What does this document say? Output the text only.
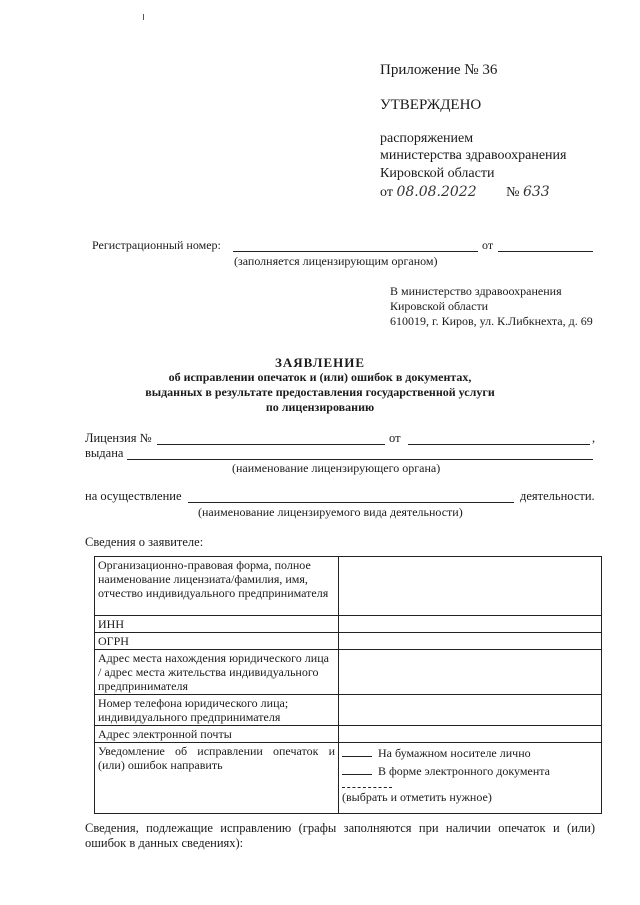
Приложение № 36
УТВЕРЖДЕНО
распоряжением
министерства здравоохранения
Кировской области
от 08.08.2022 № 633
Регистрационный номер:	от
(заполняется лицензирующим органом)
В министерство здравоохранения
Кировской области
610019, г. Киров, ул. К.Либкнехта, д. 69
ЗАЯВЛЕНИЕ
об исправлении опечаток и (или) ошибок в документах,
выданных в результате предоставления государственной услуги
по лицензированию
Лицензия №	от	,
выдана
(наименование лицензирующего органа)
на осуществление	деятельности.
(наименование лицензируемого вида деятельности)
Сведения о заявителе:
Организационно-правовая форма, полное наименование лицензиата/фамилия, имя, отчество индивидуального предпринимателя	
ИНН	
ОГРН	
Адрес места нахождения юридического лица / адрес места жительства индивидуального предпринимателя	
Номер телефона юридического лица; индивидуального предпринимателя	
Адрес электронной почты	
Уведомление об исправлении опечаток и (или) ошибок направить	На бумажном носителе лично
В форме электронного документа
(выбрать и отметить нужное)
Сведения, подлежащие исправлению (графы заполняются при наличии опечаток и (или)
ошибок в данных сведениях):
